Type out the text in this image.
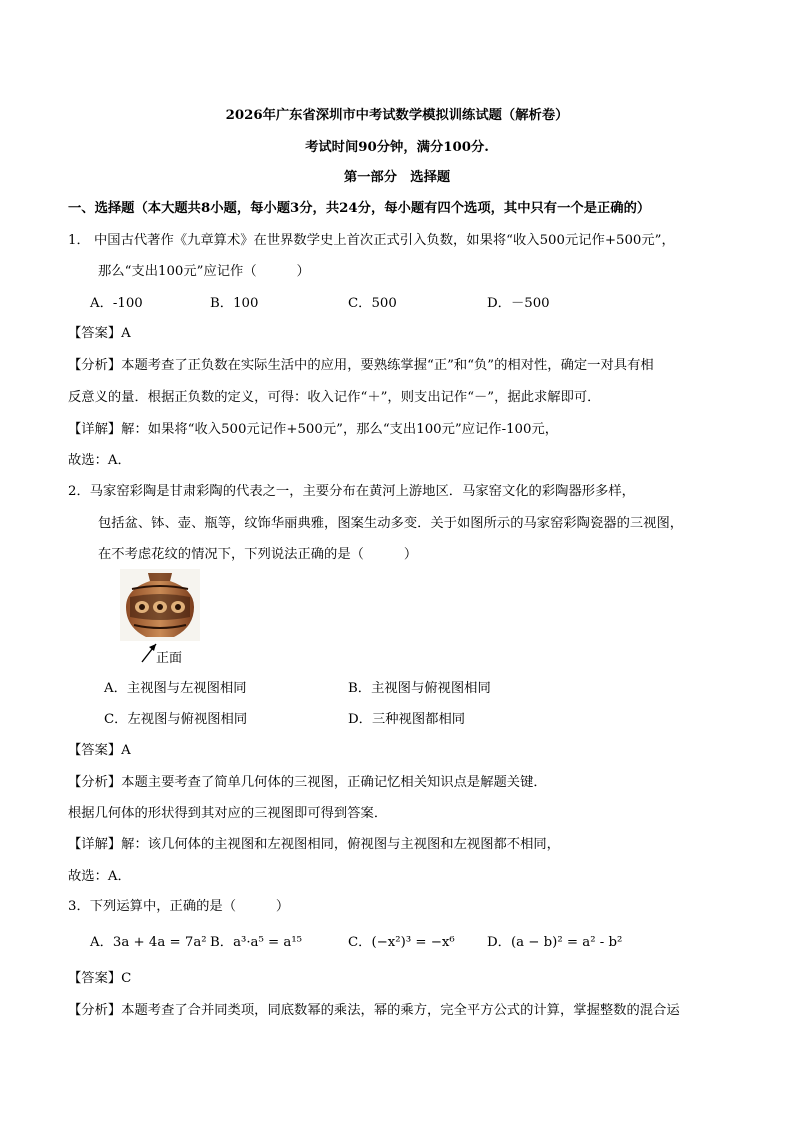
2026年广东省深圳市中考试数学模拟训练试题（解析卷）
考试时间90分钟，满分100分.
第一部分　选择题
一、选择题（本大题共8小题，每小题3分，共24分，每小题有四个选项，其中只有一个是正确的）
1． 中国古代著作《九章算术》在世界数学史上首次正式引入负数，如果将“收入500元记作+500元”，
那么“支出100元”应记作（　　　）
A．-100	B．100	C．500	D．－500
【答案】A
【分析】本题考查了正负数在实际生活中的应用，要熟练掌握“正”和“负”的相对性，确定一对具有相
反意义的量．根据正负数的定义，可得：收入记作“＋”，则支出记作“－”，据此求解即可．
【详解】解：如果将“收入500元记作+500元”，那么“支出100元”应记作-100元，
故选：A．
2．马家窑彩陶是甘肃彩陶的代表之一，主要分布在黄河上游地区．马家窑文化的彩陶器形多样，
包括盆、钵、壶、瓶等，纹饰华丽典雅，图案生动多变．关于如图所示的马家窑彩陶瓷器的三视图，
在不考虑花纹的情况下，下列说法正确的是（　　　）
正面
A．主视图与左视图相同	B．主视图与俯视图相同
C．左视图与俯视图相同	D．三种视图都相同
【答案】A
【分析】本题主要考查了简单几何体的三视图，正确记忆相关知识点是解题关键．
根据几何体的形状得到其对应的三视图即可得到答案．
【详解】解：该几何体的主视图和左视图相同，俯视图与主视图和左视图都不相同，
故选：A．
3．下列运算中，正确的是（　　　）
A．3a + 4a = 7a² B．a³·a⁵ = a¹⁵	C．(−x²)³ = −x⁶ D．(a − b)² = a² - b²
【答案】C
【分析】本题考查了合并同类项，同底数幂的乘法，幂的乘方，完全平方公式的计算，掌握整数的混合运
